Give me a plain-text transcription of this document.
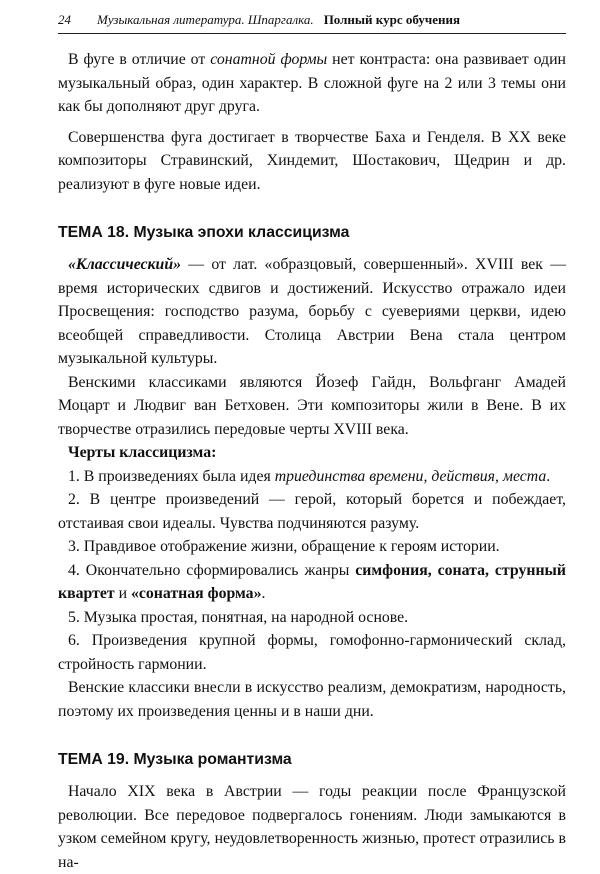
24 Музыкальная литература. Шпаргалка. Полный курс обучения

В фуге в отличие от сонатной формы нет контраста: она развивает один музыкальный образ, один характер. В сложной фуге на 2 или 3 темы они как бы дополняют друг друга.

Совершенства фуга достигает в творчестве Баха и Генделя. В XX веке композиторы Стравинский, Хиндемит, Шостакович, Щедрин и др. реализуют в фуге новые идеи.

ТЕМА 18. Музыка эпохи классицизма

«Классический» — от лат. «образцовый, совершенный». XVIII век — время исторических сдвигов и достижений. Искусство отражало идеи Просвещения: господство разума, борьбу с суевериями церкви, идею всеобщей справедливости. Столица Австрии Вена стала центром музыкальной культуры.

Венскими классиками являются Йозеф Гайдн, Вольфганг Амадей Моцарт и Людвиг ван Бетховен. Эти композиторы жили в Вене. В их творчестве отразились передовые черты XVIII века.

Черты классицизма:

1. В произведениях была идея триединства времени, действия, места.

2. В центре произведений — герой, который борется и побеждает, отстаивая свои идеалы. Чувства подчиняются разуму.

3. Правдивое отображение жизни, обращение к героям истории.

4. Окончательно сформировались жанры симфония, соната, струнный квартет и «сонатная форма».

5. Музыка простая, понятная, на народной основе.

6. Произведения крупной формы, гомофонно-гармонический склад, стройность гармонии.

Венские классики внесли в искусство реализм, демократизм, народность, поэтому их произведения ценны и в наши дни.

ТЕМА 19. Музыка романтизма

Начало XIX века в Австрии — годы реакции после Французской революции. Все передовое подвергалось гонениям. Люди замыкаются в узком семейном кругу, неудовлетворенность жизнью, протест отразились в на-
